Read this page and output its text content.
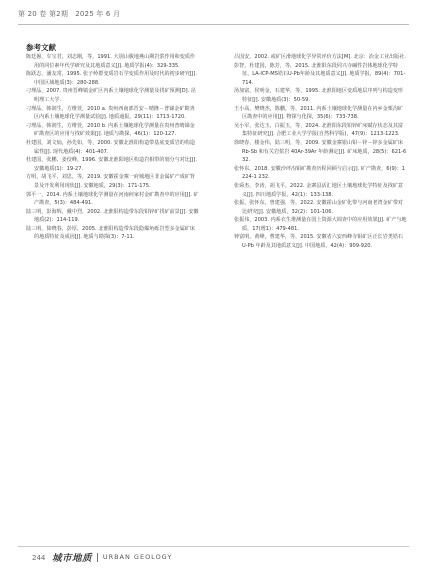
第 20 卷 第2期　2025 年 6 月
参考文献

陈廷愚，车宝君，刘志刚，等，1991. 大别山腹地燕山期岩浆作用和变质作用的同位素年代学研究及其地质意义[J]. 地质学报(4)：329-335.

陈跃志，潘友常，1995. 张子岭群变质岩石学变质作用及时代的初步研究[J]. 中国区域地质(3)：280-288.

刁理品，2007. 贵州晋峰镇金矿区内系土壤地球化学测量及找矿预测[D]. 昆明理工大学.

刁理品，韩润生，方维萱，2010 a. 贵州西南部晋安－晴隆－普锑金矿勘查区内系土壤地球化学测量试验[J]. 地质通报，29(11)：1713-1720.

刁理品，韩润生，方维萱，2010 b. 内系土壤地球化学测量在贵州普晴锑金矿勘查区的应用与找矿效果[J]. 地质与勘探，46(1)：120-127.

杜建国，刘文灿，孙先如，等，2000. 安徽北淮阳构造带基底变质岩的构造属性[J]. 现代地质(4)：401-407.

杜建国，张鹏，姜佼峰，1996. 安徽北淮阳地区构造岩相带的划分与对比[J]. 安徽地质(1)：19-27.

方明，胡飞平，刘思，等，2019. 安徽霍金寨一府城地区非金属矿产成矿背景及开发利用现状[J]. 安徽地质，29(3)：171-175.

郭平一，2014. 内系土壤地球化学测量在河南何家村金矿勘查中的应用[J]. 矿产勘查，5(3)：484-491.

陆三明，彭海辉，戴中烈，2002. 北淮阳构造带东段铅锌矿找矿前景[J]. 安徽地质(2)：114-119.

陆三明，徐晓春，彭厚，2005. 北淮阳构造带东段隐爆角砾岩型多金属矿床的地质特征及成因[J]. 地质与勘探(3)：7-11.

吕国安，2002. 或矿区滑地球化学异常评价方法[M]. 北京：冶金工业出版社.

彭智，杜建国，陈芳，等，2015. 北淮阳东段同兴寺碱性岩体地球化学特征、LA-ICP-MS锆石U-Pb年龄及其地质意义[J]. 地质学报，89(4)：701-714.

汤加富，侯明金，石建华，等，1995. 北淮阳地区变质地层序列与构造变形特征[J]. 安徽地质(3)：50-59.

王小高，樊晓杰，陈鹏，等，2011. 内系土壤地球化学测量在内乡金栗沟矿区勘查中的应用[J]. 物探与化探，35(6)：733-738.

吴小军，张达玉，白振玉，等，2024. 北淮阳东段铅锌矿床赋存状态及其富集特征研究[J]. 合肥工业大学学报(自然科学版)，47(9)：1213-1223.

徐晓春，楼金伟，陆三明，等，2009. 安徽金寨银山铅－锌－锌多金属矿床 Rb-Sb 和有关岩浆岩 40Ar-39Ar 年龄测定[J]. 矿床地质，28(5)：621-632.

张怀东，2018. 安徽沙坪沟钼矿勘查历程回顾与启示[J]. 矿产勘查，6(9)：1224-1 232.

张舜杰，李涛，胡飞平，2022. 金寨县活汇地区土壤地球化学特征及找矿意义[J]. 四川地质学报，42(1)：133-138.

张振，张怀东，曾建强，等，2022. 安徽霍山金矿化带与河南老湾金矿带对比研究[J]. 安徽地质，32(2)：101-106.

张振伟，2003. 内系衣生堆测量在国土资源大调查中的应用效果[J]. 矿产与地质，17(增1)：479-481.

钟富明，黄峰，曹建华，等，2015. 安徽省六安西峰寺钼矿区正长岩类锆石 U-Pb 年龄及其地质意义[J]. 中国地质，42(4)：909-920.

244 城市地质 URBAN GEOLOGY
